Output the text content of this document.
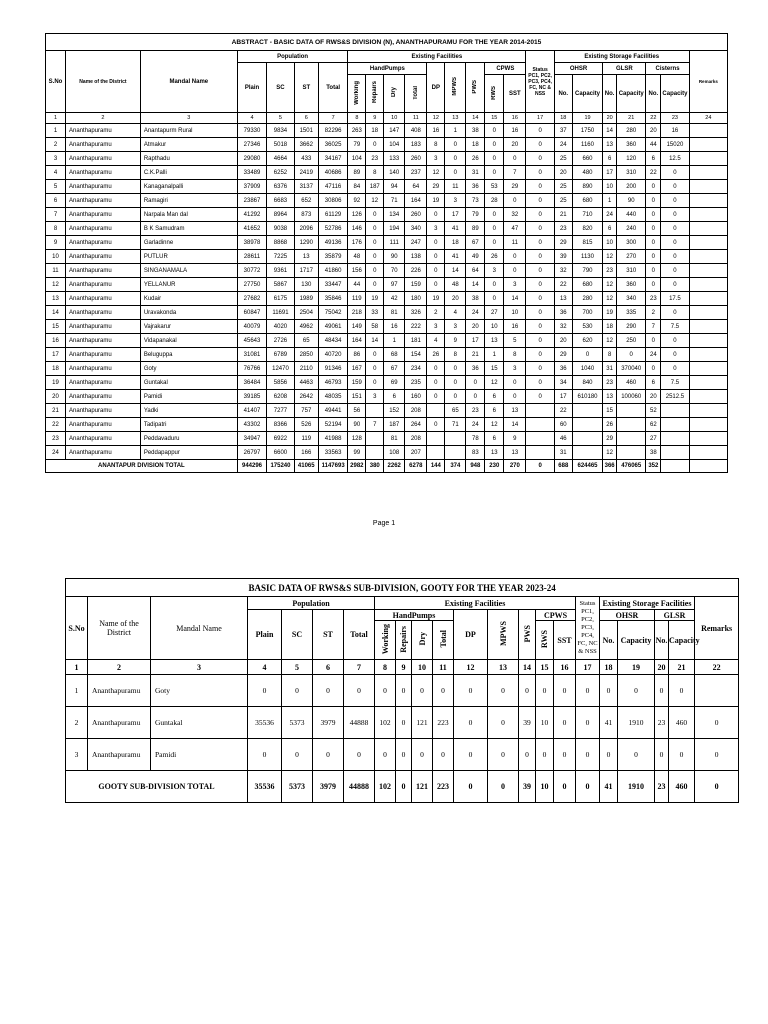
ABSTRACT - BASIC DATA OF RWS&S DIVISION (N), ANANTHAPURAMU FOR THE YEAR 2014-2015																							
S.No	Name of the District	Mandal Name	Population				Existing Facilities									Status PC1, PC2, PC3, PC4, FC, NC & NSS	Existing Storage Facilities						Remarks
			Plain	SC	ST	Total	HandPumps				DP	MPWS	PWS	CPWS			OHSR		GLSR		Cisterns		
							Working	Repairs	Dry	Total				RWS	SST		No.	Capacity	No.	Capacity	No.	Capacity	
1	2	3	4	5	6	7	8	9	10	11	12	13	14	15	16	17	18	19	20	21	22	23	24
1	Ananthapuramu	Anantapurm Rural	79330	9834	1501	82296	263	18	147	408	16	1	38	0	16	0	37	1750	14	280	20	16	
2	Ananthapuramu	Atmakur	27346	5018	3662	36025	79	0	104	183	8	0	18	0	20	0	24	1160	13	360	44	15020	
3	Ananthapuramu	Rapthadu	29080	4664	433	34167	104	23	133	260	3	0	26	0	0	0	25	660	6	120	6	12.5	
4	Ananthapuramu	C.K.Palli	33489	6252	2419	40686	89	8	140	237	12	0	31	0	7	0	20	480	17	310	22	0	
5	Ananthapuramu	Kanaganalpalli	37909	6376	3137	47116	84	187	94	64	29	11	36	53	29	0	25	890	10	200	0	0	
6	Ananthapuramu	Ramagiri	23867	6683	652	30806	92	12	71	164	19	3	73	28	0	0	25	680	1	90	0	0	
7	Ananthapuramu	Narpala Man dal	41292	8964	873	61129	126	0	134	260	0	17	79	0	32	0	21	710	24	440	0	0	
8	Ananthapuramu	B K Samudram	41652	9038	2096	52786	146	0	194	340	3	41	89	0	47	0	23	820	6	240	0	0	
9	Ananthapuramu	Garladinne	38978	8868	1290	49136	176	0	111	247	0	18	67	0	11	0	29	815	10	300	0	0	
10	Ananthapuramu	PUTLUR	28611	7225	13	35879	48	0	90	138	0	41	49	26	0	0	39	1130	12	270	0	0	
11	Ananthapuramu	SINGANAMALA	30772	9361	1717	41860	156	0	70	226	0	14	64	3	0	0	32	790	23	310	0	0	
12	Ananthapuramu	YELLANUR	27750	5867	130	33447	44	0	97	159	0	48	14	0	3	0	22	680	12	360	0	0	
13	Ananthapuramu	Kudair	27682	6175	1989	35846	119	19	42	180	19	20	38	0	14	0	13	280	12	340	23	17.5	
14	Ananthapuramu	Uravakonda	60847	11691	2504	75042	218	33	81	326	2	4	24	27	10	0	36	700	19	335	2	0	
15	Ananthapuramu	Vajrakarur	40079	4020	4962	49061	149	58	16	222	3	3	20	10	16	0	32	530	18	290	7	7.5	
16	Ananthapuramu	Vidapanakal	45643	2726	65	48434	164	14	1	181	4	9	17	13	5	0	20	620	12	250	0	0	
17	Ananthapuramu	Beluguppa	31081	6789	2850	40720	86	0	68	154	26	8	21	1	8	0	29	0	8	0	24	0	
18	Ananthapuramu	Goty	76766	12470	2110	91346	167	0	67	234	0	0	36	15	3	0	36	1040	31	370040	0	0	
19	Ananthapuramu	Guntakal	36484	5856	4463	46793	159	0	69	235	0	0	0	12	0	0	34	840	23	460	6	7.5	
20	Ananthapuramu	Pamidi	39185	6208	2642	48035	151	3	6	160	0	0	0	6	0	0	17	610180	13	100060	20	2512.5	
21	Ananthapuramu	Yadki	41407	7277	757	49441	56		152	208		65	23	6	13		22		15		52		
22	Ananthapuramu	Tadipatri	43302	8366	526	52194	90	7	187	264	0	71	24	12	14		60		26		62		
23	Ananthapuramu	Peddavaduru	34947	6922	119	41988	128		81	208			78	6	9		46		29		27		
24	Ananthapuramu	Peddapappur	26797	6600	166	33563	99		108	207			83	13	13		31		12		38		
ANANTAPUR DIVISION TOTAL			944296	175240	41065	1147693	2982	380	2262	6278	144	374	948	230	270	0	688	624465	366	476065	352		
Page 1
BASIC DATA OF RWS&S SUB-DIVISION, GOOTY FOR THE YEAR 2023-24																					
S.No	Name of the District	Mandal Name	Population				Existing Facilities									Status PC1, PC2, PC3, PC4, FC, NC & NSS	Existing Storage Facilities				Remarks
			Plain	SC	ST	Total	HandPumps				DP	MPWS	PWS	CPWS			OHSR		GLSR		
							Working	Repairs	Dry	Total				RWS	SST		No.	Capacity	No.	Capacity	
1	2	3	4	5	6	7	8	9	10	11	12	13	14	15	16	17	18	19	20	21	22
1	Ananthapuramu	Goty	0	0	0	0	0	0	0	0	0	0	0	0	0	0	0	0	0	0	
2	Ananthapuramu	Guntakal	35536	5373	3979	44888	102	0	121	223	0	0	39	10	0	0	41	1910	23	460	0
3	Ananthapuramu	Pamidi	0	0	0	0	0	0	0	0	0	0	0	0	0	0	0	0	0	0	0
GOOTY SUB-DIVISION TOTAL			35536	5373	3979	44888	102	0	121	223	0	0	39	10	0	0	41	1910	23	460	0
